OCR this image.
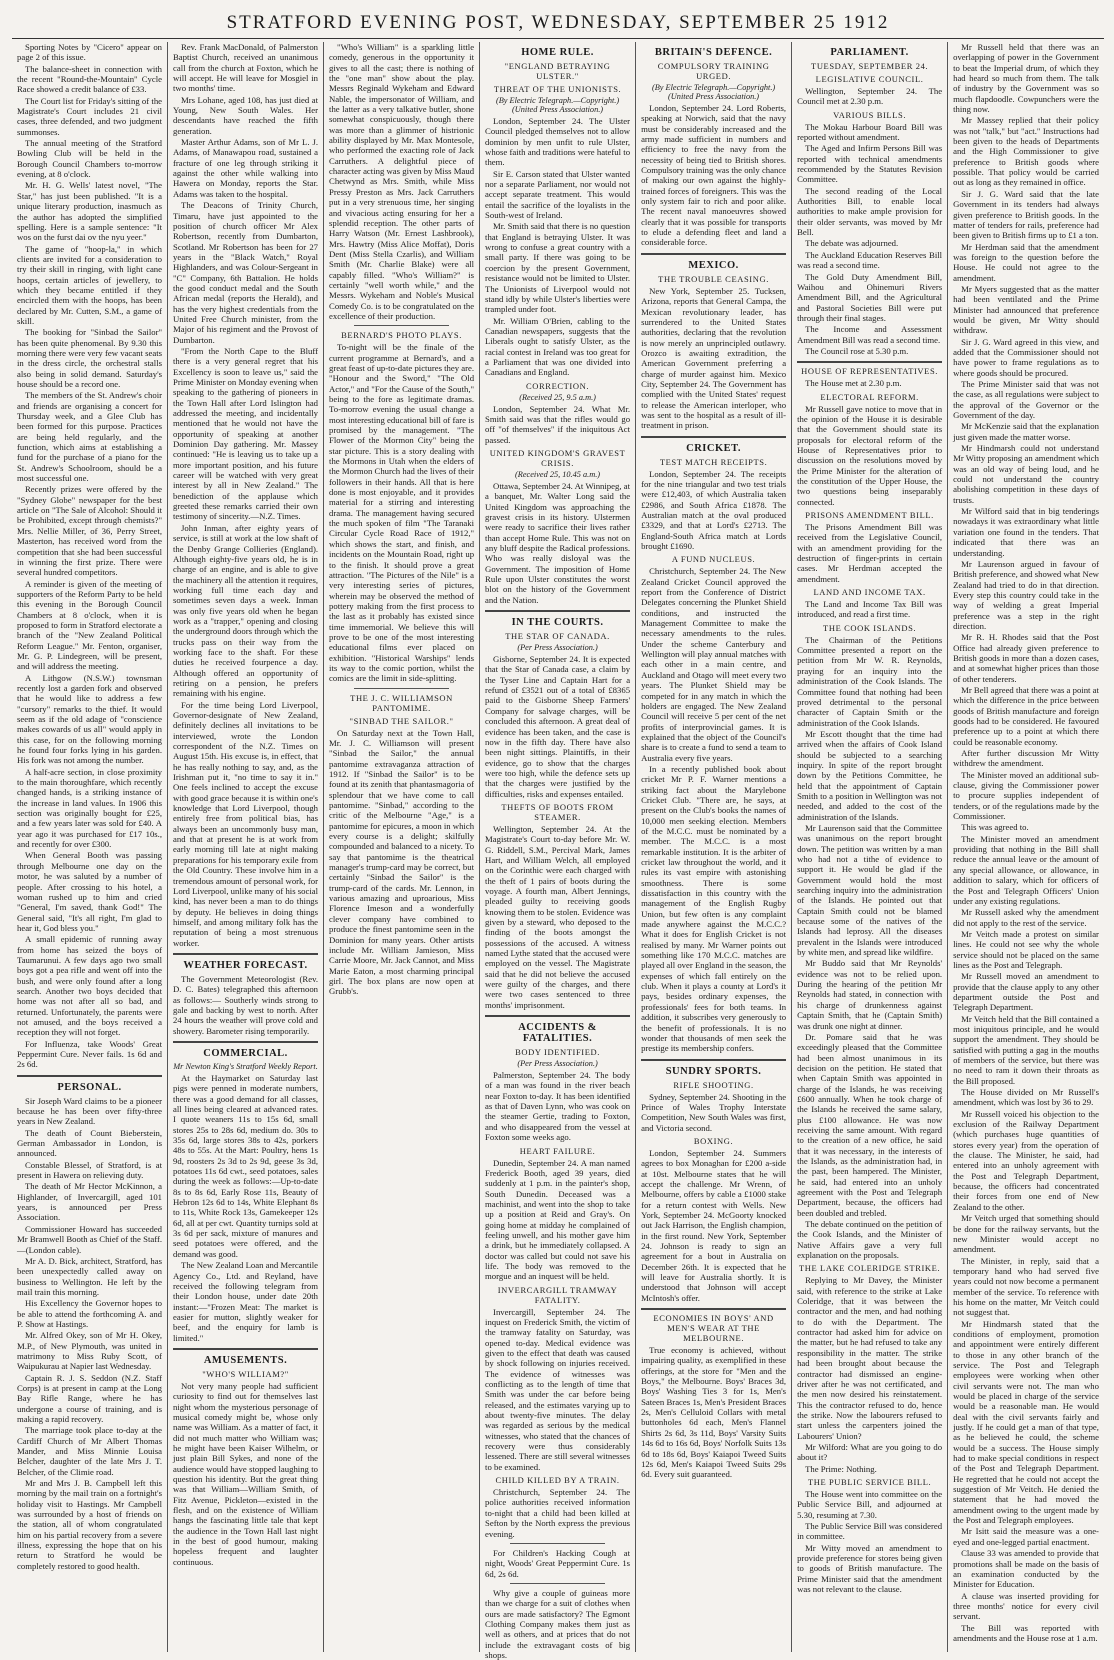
STRATFORD EVENING POST, WEDNESDAY, SEPTEMBER 25 1912

Sporting Notes by "Cicero" appear on page 2 of this issue.

The balance-sheet in connection with the recent "Round-the-Mountain" Cycle Race showed a credit balance of £33.

The Court list for Friday's sitting of the Magistrate's Court includes 21 civil cases, three defended, and two judgment summonses.

The annual meeting of the Stratford Bowling Club will be held in the Borough Council Chambers to-morrow evening, at 8 o'clock.

Mr. H. G. Wells' latest novel, "The Star," has just been published. "It is a unique literary production, inasmuch as the author has adopted the simplified spelling. Here is a sample sentence: "It wos on the furst dai ov the nyu yeer."

The game of "hoop-la," in which clients are invited for a consideration to try their skill in ringing, with light cane hoops, certain articles of jewellery, to which they became entitled if they encircled them with the hoops, has been declared by Mr. Cutten, S.M., a game of skill.

The booking for "Sinbad the Sailor" has been quite phenomenal. By 9.30 this morning there were very few vacant seats in the dress circle, the orchestral stalls also being in solid demand. Saturday's house should be a record one.

The members of the St. Andrew's choir and friends are organising a concert for Thursday week, and a Glee Club has been formed for this purpose. Practices are being held regularly, and the function, which aims at establishing a fund for the purchase of a piano for the St. Andrew's Schoolroom, should be a most successful one.

Recently prizes were offered by the "Sydney Globe" newspaper for the best article on "The Sale of Alcohol: Should it be Prohibited, except through chemists?" Mrs. Nellie Miller, of 36, Perry Street, Masterton, has received word from the competition that she had been successful in winning the first prize. There were several hundred competitors.

A reminder is given of the meeting of supporters of the Reform Party to be held this evening in the Borough Council Chambers at 8 o'clock, when it is proposed to form in Stratford electorate a branch of the "New Zealand Political Reform League." Mr. Fenton, organiser, Mr. G. P. Lindegreen, will be present, and will address the meeting.

A Lithgow (N.S.W.) townsman recently lost a garden fork and observed that he would like to address a few "cursory" remarks to the thief. It would seem as if the old adage of "conscience makes cowards of us all" would apply in this case, for on the following morning he found four forks lying in his garden. His fork was not among the number.

A half-acre section, in close proximity to the main thoroughfare, which recently changed hands, is a striking instance of the increase in land values. In 1906 this section was originally bought for £25, and a few years later was sold for £40. A year ago it was purchased for £17 10s., and recently for over £300.

When General Booth was passing through Melbourne one day on the motor, he was saluted by a number of people. After crossing to his hotel, a woman rushed up to him and cried "General, I'm saved, thank God!" The General said, "It's all right, I'm glad to hear it, God bless you."

A small epidemic of running away from home has seized the boys of Taumarunui. A few days ago two small boys got a pea rifle and went off into the bush, and were only found after a long search. Another two boys decided that home was not after all so bad, and returned. Unfortunately, the parents were not amused, and the boys received a reception they will not forget.

For Influenza, take Woods' Great Peppermint Cure. Never fails. 1s 6d and 2s 6d.

PERSONAL.

Sir Joseph Ward claims to be a pioneer because he has been over fifty-three years in New Zealand.

The death of Count Bieberstein, German Ambassador in London, is announced.

Constable Blessel, of Stratford, is at present in Hawera on relieving duty.

The death of Mr Hector McKinnon, a Highlander, of Invercargill, aged 101 years, is announced per Press Association.

Commissioner Howard has succeeded Mr Bramwell Booth as Chief of the Staff.—(London cable).

Mr A. D. Bick, architect, Stratford, has been unexpectedly called away on business to Wellington. He left by the mail train this morning.

His Excellency the Governor hopes to be able to attend the forthcoming A. and P. Show at Hastings.

Mr. Alfred Okey, son of Mr H. Okey, M.P., of New Plymouth, was united in matrimony to Miss Ruby Scott, of Waipukurau at Napier last Wednesday.

Captain R. J. S. Seddon (N.Z. Staff Corps) is at present in camp at the Long Bay Rifle Range, where he has undergone a course of training, and is making a rapid recovery.

The marriage took place to-day at the Cardiff Church of Mr Albert Thomas Mander, and Miss Minnie Louisa Belcher, daughter of the late Mrs J. T. Belcher, of the Climie road.

Mr and Mrs J. B. Campbell left this morning by the mail train on a fortnight's holiday visit to Hastings. Mr Campbell was surrounded by a host of friends on the station, all of whom congratulated him on his partial recovery from a severe illness, expressing the hope that on his return to Stratford he would be completely restored to good health.

Rev. Frank MacDonald, of Palmerston Baptist Church, received an unanimous call from the church at Foxton, which he will accept. He will leave for Mosgiel in two months' time.

Mrs Lohane, aged 108, has just died at Young, New South Wales. Her descendants have reached the fifth generation.

Master Arthur Adams, son of Mr L. J. Adams, of Manawapou road, sustained a fracture of one leg through striking it against the other while walking into Hawera on Monday, reports the Star. Adams was taken to the hospital.

The Deacons of Trinity Church, Timaru, have just appointed to the position of church officer Mr Alex Robertson, recently from Dumbarton, Scotland. Mr Robertson has been for 27 years in the "Black Watch," Royal Highlanders, and was Colour-Sergeant in "C" Company, 6th Battalion. He holds the good conduct medal and the South African medal (reports the Herald), and has the very highest credentials from the United Free Church minister, from the Major of his regiment and the Provost of Dumbarton.

"From the North Cape to the Bluff there is a very general regret that his Excellency is soon to leave us," said the Prime Minister on Monday evening when speaking to the gathering of pioneers in the Town Hall after Lord Islington had addressed the meeting, and incidentally mentioned that he would not have the opportunity of speaking at another Dominion Day gathering. Mr. Massey continued: "He is leaving us to take up a more important position, and his future career will be watched with very great interest by all in New Zealand." The benediction of the applause which greeted these remarks carried their own testimony of sincerity.—N.Z. Times.

John Inman, after eighty years of service, is still at work at the low shaft of the Denby Grange Collieries (England). Although eighty-five years old, he is in charge of an engine, and is able to give the machinery all the attention it requires, working full time each day and sometimes seven days a week. Inman was only five years old when he began work as a "trapper," opening and closing the underground doors through which the trucks pass on their way from the working face to the shaft. For these duties he received fourpence a day. Although offered an opportunity of retiring on a pension, he prefers remaining with his engine.

For the time being Lord Liverpool, Governor-designate of New Zealand, definitely declines all invitations to be interviewed, wrote the London correspondent of the N.Z. Times on August 15th. His excuse is, in effect, that he has really nothing to say, and, as the Irishman put it, "no time to say it in." One feels inclined to accept the excuse with good grace because it is within one's knowledge that Lord Liverpool, though entirely free from political bias, has always been an uncommonly busy man, and that at present he is at work from early morning till late at night making preparations for his temporary exile from the Old Country. These involve him in a tremendous amount of personal work, for Lord Liverpool, unlike many of his social kind, has never been a man to do things by deputy. He believes in doing things himself, and among military folk has the reputation of being a most strenuous worker.

WEATHER FORECAST.

The Government Meteorologist (Rev. D. C. Bates) telegraphed this afternoon as follows:— Southerly winds strong to gale and backing by west to north. After 24 hours the weather will prove cold and showery. Barometer rising temporarily.

COMMERCIAL.
Mr Newton King's Stratford Weekly Report.

At the Haymarket on Saturday last pigs were penned in moderate numbers, there was a good demand for all classes, all lines being cleared at advanced rates. I quote weaners 11s to 15s 6d, small stores 25s to 28s 6d, medium do. 30s to 35s 6d, large stores 38s to 42s, porkers 48s to 55s. At the Mart: Poultry, hens 1s 9d, roosters 2s 3d to 2s 9d, geese 3s 3d, potatoes 11s 6d cwt., seed potatoes, sales during the week as follows:—Up-to-date 8s to 8s 6d, Early Rose 11s, Beauty of Hebron 12s 6d to 14s, White Elephant 8s to 11s, White Rock 13s, Gamekeeper 12s 6d, all at per cwt. Quantity turnips sold at 3s 6d per sack, mixture of manures and seed potatoes were offered, and the demand was good.

The New Zealand Loan and Mercantile Agency Co., Ltd. and Reyland, have received the following telegram from their London house, under date 20th instant:—"Frozen Meat: The market is easier for mutton, slightly weaker for beef, and the enquiry for lamb is limited."

AMUSEMENTS.
"WHO'S WILLIAM?"

Not very many people had sufficient curiosity to find out for themselves last night whom the mysterious personage of musical comedy might be, whose only name was William. As a matter of fact, it did not much matter who William was; he might have been Kaiser Wilhelm, or just plain Bill Sykes, and none of the audience would have stopped laughing to question his identity. But the great thing was that William—William Smith, of Fitz Avenue, Pickleton—existed in the flesh, and on the existence of William hangs the fascinating little tale that kept the audience in the Town Hall last night in the best of good humour, making hopeless frequent and laughter continuous.

"Who's William" is a sparkling little comedy, generous in the opportunity it gives to all the cast; there is nothing of the "one man" show about the play. Messrs Reginald Wykeham and Edward Nable, the impersonator of William, and the latter as a very talkative butler, shone somewhat conspicuously, though there was more than a glimmer of histrionic ability displayed by Mr. Max Montesole, who performed the exacting role of Jack Carruthers. A delightful piece of character acting was given by Miss Maud Chetwynd as Mrs. Smith, while Miss Pressy Preston as Mrs. Jack Carruthers put in a very strenuous time, her singing and vivacious acting ensuring for her a splendid reception. The other parts of Harry Watson (Mr. Ernest Lashbrook), Mrs. Hawtry (Miss Alice Moffat), Doris Dent (Miss Stella Czarlis), and William Smith (Mr. Charlie Blake) were all capably filled. "Who's William?" is certainly "well worth while," and the Messrs. Wykeham and Noble's Musical Comedy Co. is to be congratulated on the excellence of their production.

BERNARD'S PHOTO PLAYS.

To-night will be the finale of the current programme at Bernard's, and a great feast of up-to-date pictures they are. "Honour and the Sword," "The Old Actor," and "For the Cause of the South," being to the fore as legitimate dramas. To-morrow evening the usual change a most interesting educational bill of fare is promised by the management. "The Flower of the Mormon City" being the star picture. This is a story dealing with the Mormons in Utah when the elders of the Mormon Church had the lives of their followers in their hands. All that is here done is most enjoyable, and it provides material for a stirring and interesting drama. The management having secured the much spoken of film "The Taranaki Circular Cycle Road Race of 1912," which shows the start, and finish, and incidents on the Mountain Road, right up to the finish. It should prove a great attraction. "The Pictures of the Nile" is a very interesting series of pictures, wherein may be observed the method of pottery making from the first process to the last as it probably has existed since time immemorial. We believe this will prove to be one of the most interesting educational films ever placed on exhibition. "Historical Warships" lends its way to the comic portion, whilst the comics are the limit in side-splitting.

THE J. C. WILLIAMSON PANTOMIME.
"SINBAD THE SAILOR."

On Saturday next at the Town Hall, Mr. J. C. Williamson will present "Sinbad the Sailor," the annual pantomime extravaganza attraction of 1912. If "Sinbad the Sailor" is to be found at its zenith that phantasmagoria of splendour that we have come to call pantomime. "Sinbad," according to the critic of the Melbourne "Age," is a pantomime for epicures, a moon in which every course is a delight; skilfully compounded and balanced to a nicety. To say that pantomime is the theatrical manager's trump-card may be correct, but certainly "Sinbad the Sailor" is the trump-card of the cards. Mr. Lennon, in various amazing and uproarious, Miss Florence Imeson and a wonderfully clever company have combined to produce the finest pantomime seen in the Dominion for many years. Other artists include Mr. William Jamieson, Miss Carrie Moore, Mr. Jack Cannot, and Miss Marie Eaton, a most charming principal girl. The box plans are now open at Grubb's.

HOME RULE.
"ENGLAND BETRAYING ULSTER."
THREAT OF THE UNIONISTS.
(By Electric Telegraph.—Copyright.) (United Press Association.)

London, September 24. The Ulster Council pledged themselves not to allow dominion by men unfit to rule Ulster, whose faith and traditions were hateful to them.

Sir E. Carson stated that Ulster wanted nor a separate Parliament, nor would not accept separate treatment. This would entail the sacrifice of the loyalists in the South-west of Ireland.

Mr. Smith said that there is no question that England is betraying Ulster. It was wrong to confuse a great country with a small party. If there was going to be coercion by the present Government, resistance would not be limited to Ulster. The Unionists of Liverpool would not stand idly by while Ulster's liberties were trampled under foot.

Mr. William O'Brien, cabling to the Canadian newspapers, suggests that the Liberals ought to satisfy Ulster, as the racial contest in Ireland was too great for a Parliament that was one divided into Canadians and England.

CORRECTION.
(Received 25, 9.5 a.m.)

London, September 24. What Mr. Smith said was that the rifles would go off "of themselves" if the iniquitous Act passed.

UNITED KINGDOM'S GRAVEST CRISIS.
(Received 25, 10.45 a.m.)

Ottawa, September 24. At Winnipeg, at a banquet, Mr. Walter Long said the United Kingdom was approaching the gravest crisis in its history. Ulstermen were ready to sacrifice their lives rather than accept Home Rule. This was not on any bluff despite the Radical professions. Who was really disloyal was the Government. The imposition of Home Rule upon Ulster constitutes the worst blot on the history of the Government and the Nation.

IN THE COURTS.
THE STAR OF CANADA.
(Per Press Association.)

Gisborne, September 24. It is expected that the Star of Canada case, a claim by the Tyser Line and Captain Hart for a refund of £3521 out of a total of £8365 paid to the Gisborne Sheep Farmers' Company for salvage charges, will be concluded this afternoon. A great deal of evidence has been taken, and the case is now in the fifth day. There have also been night sittings. Plaintiffs, in their evidence, go to show that the charges were too high, while the defence sets up that the charges were justified by the difficulties, risks and expenses entailed.

THEFTS OF BOOTS FROM STEAMER.

Wellington, September 24. At the Magistrate's Court to-day before Mr. W. G. Riddell, S.M., Percival Mark, James Hart, and William Welch, all employed on the Corinthic were each charged with the theft of 1 pairs of boots during the voyage. A fourth man, Albert Jennings, pleaded guilty to receiving goods knowing them to be stolen. Evidence was given by a steward, who deposed to the finding of the boots amongst the possessions of the accused. A witness named Lythe stated that the accused were employed on the vessel. The Magistrate said that he did not believe the accused were guilty of the charges, and there were two cases sentenced to three months' imprisonment.

ACCIDENTS & FATALITIES.
BODY IDENTIFIED.
(Per Press Association.)

Palmerston, September 24. The body of a man was found in the river beach near Foxton to-day. It has been identified as that of Daven Lynn, who was cook on the steamer Gertie, trading to Foxton, and who disappeared from the vessel at Foxton some weeks ago.

HEART FAILURE.

Dunedin, September 24. A man named Frederick Booth, aged 39 years, died suddenly at 1 p.m. in the painter's shop, South Dunedin. Deceased was a machinist, and went into the shop to take up a position at Reid and Gray's. On going home at midday he complained of feeling unwell, and his mother gave him a drink, but he immediately collapsed. A doctor was called but could not save his life. The body was removed to the morgue and an inquest will be held.

INVERCARGILL TRAMWAY FATALITY.

Invercargill, September 24. The inquest on Frederick Smith, the victim of the tramway fatality on Saturday, was opened to-day. Medical evidence was given to the effect that death was caused by shock following on injuries received. The evidence of witnesses was conflicting as to the length of time that Smith was under the car before being released, and the estimates varying up to about twenty-five minutes. The delay was regarded as serious by the medical witnesses, who stated that the chances of recovery were thus considerably lessened. There are still several witnesses to be examined.

CHILD KILLED BY A TRAIN.

Christchurch, September 24. The police authorities received information to-night that a child had been killed at Sefton by the North express the previous evening.

For Children's Hacking Cough at night, Woods' Great Peppermint Cure. 1s 6d, 2s 6d.

Why give a couple of guineas more than we charge for a suit of clothes when ours are made satisfactory? The Egmont Clothing Company makes them just as well as others, and at prices that do not include the extravagant costs of big shops.

BRITAIN'S DEFENCE.
COMPULSORY TRAINING URGED.
(By Electric Telegraph.—Copyright.) (United Press Association.)

London, September 24. Lord Roberts, speaking at Norwich, said that the navy must be considerably increased and the army made sufficient in numbers and efficiency to free the navy from the necessity of being tied to British shores. Compulsory training was the only chance of making our own against the highly-trained forces of foreigners. This was the only system fair to rich and poor alike. The recent naval manoeuvres showed clearly that it was possible for transports to elude a defending fleet and land a considerable force.

MEXICO.
THE TROUBLE CEASING.

New York, September 25. Tucksen, Arizona, reports that General Campa, the Mexican revolutionary leader, has surrendered to the United States authorities, declaring that the revolution is now merely an unprincipled outlawry. Orozco is awaiting extradition, the American Government preferring a charge of murder against him. Mexico City, September 24. The Government has complied with the United States' request to release the American interloper, who was sent to the hospital as a result of ill-treatment in prison.

CRICKET.
TEST MATCH RECEIPTS.

London, September 24. The receipts for the nine triangular and two test trials were £12,403, of which Australia taken £2986, and South Africa £1878. The Australian match at the oval produced £3329, and that at Lord's £2713. The England-South Africa match at Lords brought £1690.

A FUND NUCLEUS.

Christchurch, September 24. The New Zealand Cricket Council approved the report from the Conference of District Delegates concerning the Plunket Shield conditions, and instructed the Management Committee to make the necessary amendments to the rules. Under the scheme Canterbury and Wellington will play annual matches with each other in a main centre, and Auckland and Otago will meet every two years. The Plunket Shield may be competed for in any match in which the holders are engaged. The New Zealand Council will receive 5 per cent of the net profits of interprovincial games. It is explained that the object of the Council's share is to create a fund to send a team to Australia every five years.

In a recently published book about cricket Mr P. F. Warner mentions a striking fact about the Marylebone Cricket Club. "There are, he says, at present on the Club's books the names of 10,000 men seeking election. Members of the M.C.C. must be nominated by a member. The M.C.C. is a most remarkable institution. It is the arbiter of cricket law throughout the world, and it rules its vast empire with astonishing smoothness. There is some dissatisfaction in this country with the management of the English Rugby Union, but few often is any complaint made anywhere against the M.C.C.? What it does for English Cricket is not realised by many. Mr Warner points out something like 170 M.C.C. matches are played all over England in the season, the expenses of which fall entirely on the club. When it plays a county at Lord's it pays, besides ordinary expenses, the professionals' fees for both teams. In addition, it subscribes very generously to the benefit of professionals. It is no wonder that thousands of men seek the prestige its membership confers.

SUNDRY SPORTS.
RIFLE SHOOTING.

Sydney, September 24. Shooting in the Prince of Wales Trophy Interstate Competition, New South Wales was first, and Victoria second.

BOXING.

London, September 24. Summers agrees to box Monaghan for £200 a-side at 10st. Melbourne states that he will accept the challenge. Mr Wrenn, of Melbourne, offers by cable a £1000 stake for a return contest with Wells. New York, September 24. McGoorty knocked out Jack Harrison, the English champion, in the first round. New York, September 24. Johnson is ready to sign an agreement for a bout in Australia on December 26th. It is expected that he will leave for Australia shortly. It is understood that Johnson will accept McIntosh's offer.

ECONOMIES IN BOYS' AND MEN'S WEAR AT THE MELBOURNE.

True economy is achieved, without impairing quality, as exemplified in these offerings, at the store for "Men and the Boys," the Melbourne. Boys' Braces 3d, Boys' Washing Ties 3 for 1s, Men's Sateen Braces 1s, Men's President Braces 2s, Men's Celluloid Collars with metal buttonholes 6d each, Men's Flannel Shirts 2s 6d, 3s 11d, Boys' Varsity Suits 14s 6d to 16s 6d, Boys' Norfolk Suits 13s 6d to 18s 6d, Boys' Kaiapoi Tweed Suits 12s 6d, Men's Kaiapoi Tweed Suits 29s 6d. Every suit guaranteed.

PARLIAMENT.
TUESDAY, SEPTEMBER 24.
LEGISLATIVE COUNCIL.

Wellington, September 24. The Council met at 2.30 p.m.

VARIOUS BILLS.

The Mokau Harbour Board Bill was reported without amendment.

The Aged and Infirm Persons Bill was reported with technical amendments recommended by the Statutes Revision Committee.

The second reading of the Local Authorities Bill, to enable local authorities to make ample provision for their older servants, was moved by Mr Bell.

The debate was adjourned.

The Auckland Education Reserves Bill was read a second time.

The Gold Duty Amendment Bill, Waihou and Ohinemuri Rivers Amendment Bill, and the Agricultural and Pastoral Societies Bill were put through their final stages.

The Income and Assessment Amendment Bill was read a second time.

The Council rose at 5.30 p.m.

HOUSE OF REPRESENTATIVES.

The House met at 2.30 p.m.

ELECTORAL REFORM.

Mr Russell gave notice to move that in the opinion of the House it is desirable that the Government should state its proposals for electoral reform of the House of Representatives prior to discussion on the resolutions moved by the Prime Minister for the alteration of the constitution of the Upper House, the two questions being inseparably connected.

PRISONS AMENDMENT BILL.

The Prisons Amendment Bill was received from the Legislative Council, with an amendment providing for the destruction of finger-prints in certain cases. Mr Herdman accepted the amendment.

LAND AND INCOME TAX.

The Land and Income Tax Bill was introduced, and read a first time.

THE COOK ISLANDS.

The Chairman of the Petitions Committee presented a report on the petition from Mr W. R. Reynolds, praying for an inquiry into the administration of the Cook Islands. The Committee found that nothing had been proved detrimental to the personal character of Captain Smith or the administration of the Cook Islands.

Mr Escott thought that the time had arrived when the affairs of Cook Island should be subjected to a searching inquiry. In spite of the report brought down by the Petitions Committee, he held that the appointment of Captain Smith to a position in Wellington was not needed, and added to the cost of the administration of the Islands.

Mr Laurenson said that the Committee was unanimous on the report brought down. The petition was written by a man who had not a tithe of evidence to support it. He would be glad if the Government would hold the most searching inquiry into the administration of the Islands. He pointed out that Captain Smith could not be blamed because some of the natives of the Islands had leprosy. All the diseases prevalent in the Islands were introduced by white men, and spread like wildfire.

Mr Buddo said that Mr Reynolds' evidence was not to be relied upon. During the hearing of the petition Mr Reynolds had stated, in connection with his charge of drunkenness against Captain Smith, that he (Captain Smith) was drunk one night at dinner.

Dr. Pomare said that he was exceedingly pleased that the Committee had been almost unanimous in its decision on the petition. He stated that when Captain Smith was appointed in charge of the Islands, he was receiving £600 annually. When he took charge of the Islands he received the same salary, plus £100 allowance. He was now receiving the same amount. With regard to the creation of a new office, he said that it was necessary, in the interests of the Islands, as the administration had, in the past, been hampered. The Minister, he said, had entered into an unholy agreement with the Post and Telegraph Department, because, the officers had been doubled and trebled.

The debate continued on the petition of the Cook Islands, and the Minister of Native Affairs gave a very full explanation on the proposals.

THE LAKE COLERIDGE STRIKE.

Replying to Mr Davey, the Minister said, with reference to the strike at Lake Coleridge, that it was between the contractor and the men, and had nothing to do with the Department. The contractor had asked him for advice on the matter, but he had refused to take any responsibility in the matter. The strike had been brought about because the contractor had dismissed an engine-driver after he was not certificated, and the men now desired his reinstatement. This the contractor refused to do, hence the strike. Now the labourers refused to start unless the carpenters joined the Labourers' Union?

Mr Wilford: What are you going to do about it?

The Prime: Nothing.

THE PUBLIC SERVICE BILL.

The House went into committee on the Public Service Bill, and adjourned at 5.30, resuming at 7.30.

The Public Service Bill was considered in committee.

Mr Witty moved an amendment to provide preference for stores being given to goods of British manufacture. The Prime Minister said that the amendment was not relevant to the clause.

Mr Russell held that there was an overlapping of power in the Government to beat the Imperial drum, of which they had heard so much from them. The talk of industry by the Government was so much flapdoodle. Cowpunchers were the thing now.

Mr Massey replied that their policy was not "talk," but "act." Instructions had been given to the heads of Departments and the High Commissioner to give preference to British goods where possible. That policy would be carried out as long as they remained in office.

Sir J. G. Ward said that the late Government in its tenders had always given preference to British goods. In the matter of tenders for rails, preference had been given to British firms up to £1 a ton.

Mr Herdman said that the amendment was foreign to the question before the House. He could not agree to the amendment.

Mr Myers suggested that as the matter had been ventilated and the Prime Minister had announced that preference would be given, Mr Witty should withdraw.

Sir J. G. Ward agreed in this view, and added that the Commissioner should not have power to frame regulations as to where goods should be procured.

The Prime Minister said that was not the case, as all regulations were subject to the approval of the Governor or the Government of the day.

Mr McKenzie said that the explanation just given made the matter worse.

Mr Hindmarsh could not understand Mr Witty proposing an amendment which was an old way of being loud, and he could not understand the country abolishing competition in these days of trusts.

Mr Wilford said that in big tenderings nowadays it was extraordinary what little variation one found in the tenders. That indicated that there was an understanding.

Mr Laurenson argued in favour of British preference, and showed what New Zealand had tried to do in that direction. Every step this country could take in the way of welding a great Imperial preference was a step in the right direction.

Mr R. H. Rhodes said that the Post Office had already given preference to British goods in more than a dozen cases, and at somewhat higher prices than those of other tenderers.

Mr Bell agreed that there was a point at which the difference in the price between goods of British manufacture and foreign goods had to be considered. He favoured preference up to a point at which there could be reasonable economy.

After further discussion Mr Witty withdrew the amendment.

The Minister moved an additional sub-clause, giving the Commissioner power to procure supplies independent of tenders, or of the regulations made by the Commissioner.

This was agreed to.

The Minister moved an amendment providing that nothing in the Bill shall reduce the annual leave or the amount of any special allowance, or allowance, in addition to salary, which for officers of the Post and Telegraph Officers' Union under any existing regulations.

Mr Russell asked why the amendment did not apply to the rest of the service.

Mr Veitch made a protest on similar lines. He could not see why the whole service should not be placed on the same lines as the Post and Telegraph.

Mr Russell moved an amendment to provide that the clause apply to any other department outside the Post and Telegraph Department.

Mr Veitch held that the Bill contained a most iniquitous principle, and he would support the amendment. They should be satisfied with putting a gag in the mouths of members of the service, but there was no need to ram it down their throats as the Bill proposed.

The House divided on Mr Russell's amendment, which was lost by 36 to 29.

Mr Russell voiced his objection to the exclusion of the Railway Department (which purchases huge quantities of stores every year) from the operation of the clause. The Minister, he said, had entered into an unholy agreement with the Post and Telegraph Department, because, the officers had concentrated their forces from one end of New Zealand to the other.

Mr Veitch urged that something should be done for the railway servants, but the new Minister would accept no amendment.

The Minister, in reply, said that a temporary hand who had served five years could not now become a permanent member of the service. To reference with his home on the matter, Mr Veitch could not suggest that.

Mr Hindmarsh stated that the conditions of employment, promotion and appointment were entirely different to those in any other branch of the service. The Post and Telegraph employees were working when other civil servants were not. The man who would be placed in charge of the service would be a reasonable man. He would deal with the civil servants fairly and justly. If he could get a man of that type, as he believed he could, the scheme would be a success. The House simply had to make special conditions in respect of the Post and Telegraph Department. He regretted that he could not accept the suggestion of Mr Veitch. He denied the statement that he had moved the amendment owing to the urgent made by the Post and Telegraph employees.

Mr Isitt said the measure was a one-eyed and one-legged partial enactment.

Clause 33 was amended to provide that promotions shall be made on the basis of an examination conducted by the Minister for Education.

A clause was inserted providing for three months' notice for every civil servant.

The Bill was reported with amendments and the House rose at 1 a.m.
